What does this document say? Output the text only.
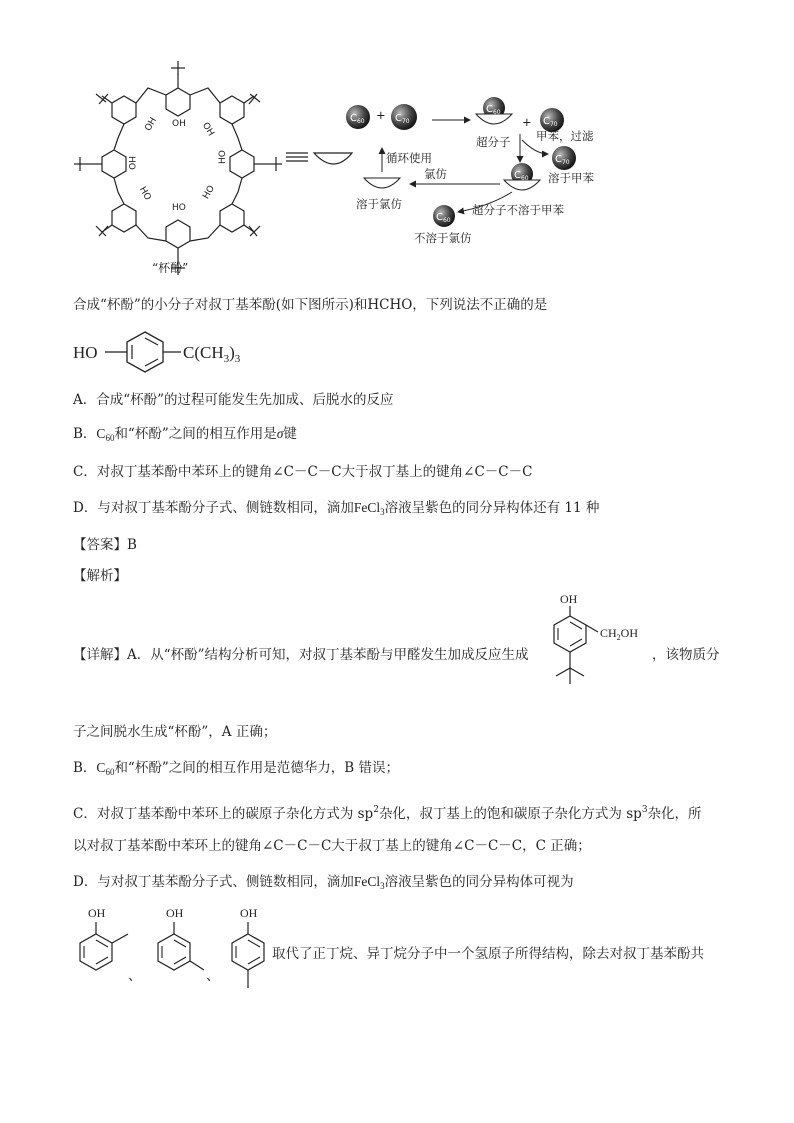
OH
OH	OH
HO	HO
HO	HO
HO
“杯酚”
$C_{60}$	$C_{70}$
$C_{60}$
$C_{70}$
$C_{70}$
$C_{60}$
$C_{60}$
+	+
超分子 甲苯，过滤
溶于甲苯
循环使用
氯仿
溶于氯仿	超分子不溶于甲苯
不溶于氯仿
合成“杯酚”的小分子对叔丁基苯酚(如下图所示)和HCHO，下列说法不正确的是
HO	$C(CH_3)_3$
A．合成“杯酚”的过程可能发生先加成、后脱水的反应
B．$C_{60}$和“杯酚”之间的相互作用是σ键
C．对叔丁基苯酚中苯环上的键角∠C－C－C大于叔丁基上的键角∠C－C－C
D．与对叔丁基苯酚分子式、侧链数相同，滴加FeCl$_3$溶液呈紫色的同分异构体还有 11 种
【答案】B
【解析】
【详解】A．从“杯酚”结构分析可知，对叔丁基苯酚与甲醛发生加成反应生成
OH
$CH_2OH$
，该物质分
子之间脱水生成“杯酚”，A 正确；
B．$C_{60}$和“杯酚”之间的相互作用是范德华力，B 错误；
C．对叔丁基苯酚中苯环上的碳原子杂化方式为 $sp^2$杂化，叔丁基上的饱和碳原子杂化方式为 $sp^3$杂化，所
以对叔丁基苯酚中苯环上的键角∠C－C－C大于叔丁基上的键角∠C－C－C，C 正确；
D．与对叔丁基苯酚分子式、侧链数相同，滴加FeCl$_3$溶液呈紫色的同分异构体可视为
OH
、
OH
、
OH
取代了正丁烷、异丁烷分子中一个氢原子所得结构，除去对叔丁基苯酚共
